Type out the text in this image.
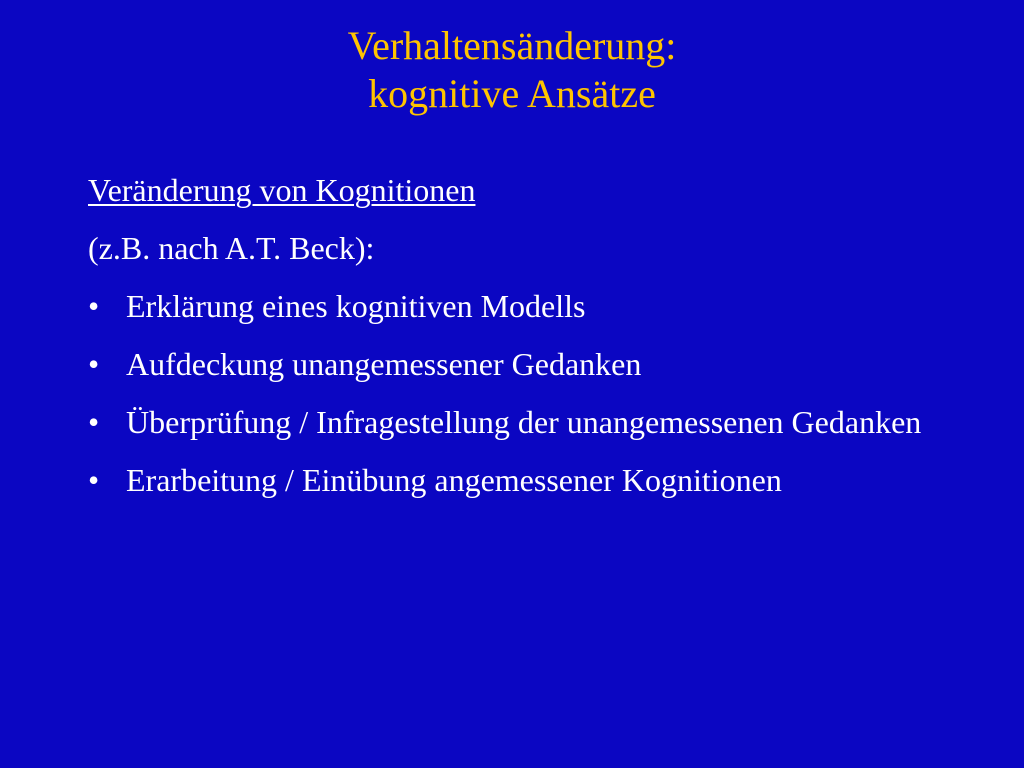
Verhaltensänderung:
kognitive Ansätze
Veränderung von Kognitionen
(z.B. nach A.T. Beck):
• Erklärung eines kognitiven Modells
• Aufdeckung unangemessener Gedanken
• Überprüfung / Infragestellung der unangemessenen Gedanken
• Erarbeitung / Einübung angemessener Kognitionen
